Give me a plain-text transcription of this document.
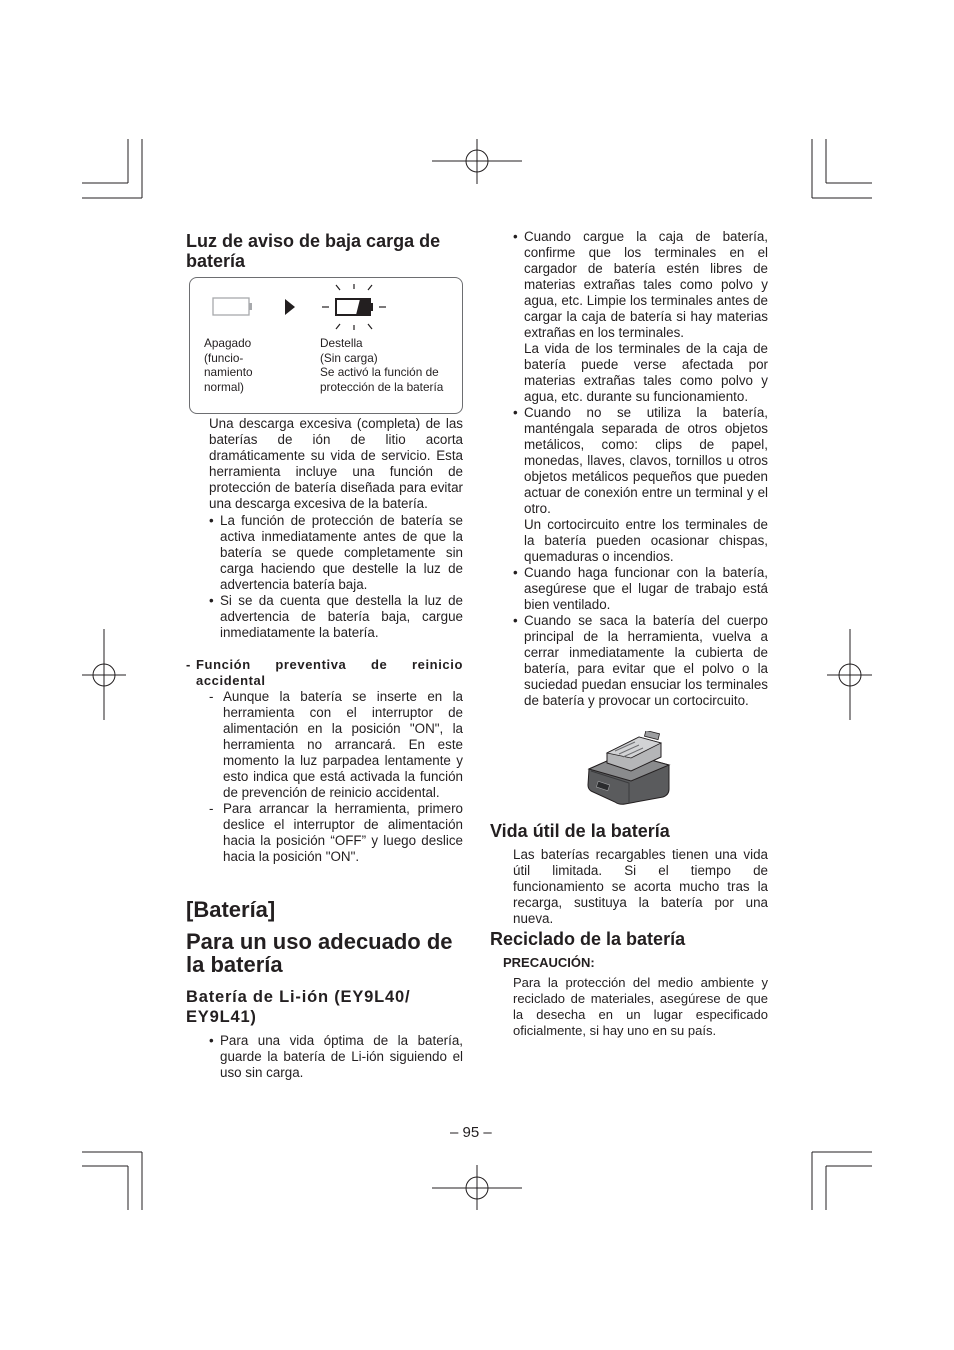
Luz de aviso de baja carga de batería

Apagado
(funcio-
namiento
normal)

Destella
(Sin carga)
Se activó la función de
protección de la batería

Una descarga excesiva (completa) de las baterías de ión de litio acorta dramáticamente su vida de servicio. Esta herramienta incluye una función de protección de batería diseñada para evitar una descarga excesiva de la batería.

• La función de protección de batería se activa inmediatamente antes de que la batería se quede completamente sin carga haciendo que destelle la luz de advertencia batería baja.

• Si se da cuenta que destella la luz de advertencia de batería baja, cargue inmediatamente la batería.

- Función preventiva de reinicio accidental

- Aunque la batería se inserte en la herramienta con el interruptor de alimentación en la posición "ON", la herramienta no arrancará. En este momento la luz parpadea lentamente y esto indica que está activada la función de prevención de reinicio accidental.
- Para arrancar la herramienta, primero deslice el interruptor de alimentación hacia la posición “OFF” y luego deslice hacia la posición "ON".
[Batería]
Para un uso adecuado de la batería
Batería de Li-ión (EY9L40/ EY9L41)
• Para una vida óptima de la batería, guarde la batería de Li-ión siguiendo el uso sin carga.

• Cuando cargue la caja de batería, confirme que los terminales en el cargador de batería estén libres de materias extrañas tales como polvo y agua, etc. Limpie los terminales antes de cargar la caja de batería si hay materias extrañas en los terminales.

La vida de los terminales de la caja de batería puede verse afectada por materias extrañas tales como polvo y agua, etc. durante su funcionamiento.

• Cuando no se utiliza la batería, manténgala separada de otros objetos metálicos, como: clips de papel, monedas, llaves, clavos, tornillos u otros objetos metálicos pequeños que pueden actuar de conexión entre un terminal y el otro.

Un cortocircuito entre los terminales de la batería pueden ocasionar chispas, quemaduras o incendios.

• Cuando haga funcionar con la batería, asegúrese que el lugar de trabajo está bien ventilado.

• Cuando se saca la batería del cuerpo principal de la herramienta, vuelva a cerrar inmediatamente la cubierta de batería, para evitar que el polvo o la suciedad puedan ensuciar los terminales de batería y provocar un cortocircuito.

Vida útil de la batería

Las baterías recargables tienen una vida útil limitada. Si el tiempo de funcionamiento se acorta mucho tras la recarga, sustituya la batería por una nueva.

Reciclado de la batería

PRECAUCIÓN:

Para la protección del medio ambiente y reciclado de materiales, asegúrese de que la desecha en un lugar especificado oficialmente, si hay uno en su país.

– 95 –
